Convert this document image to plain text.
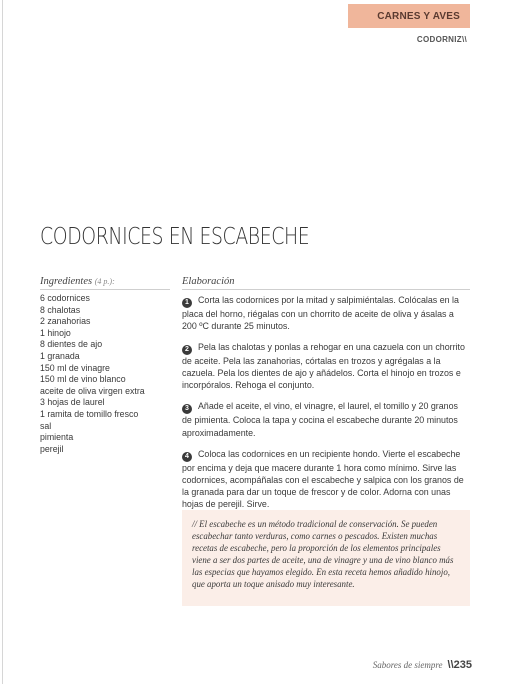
CARNES Y AVES
CODORNIZ\\
CODORNICES EN ESCABECHE
Ingredientes (4 p.):
6 codornices
8 chalotas
2 zanahorias
1 hinojo
8 dientes de ajo
1 granada
150 ml de vinagre
150 ml de vino blanco
aceite de oliva virgen extra
3 hojas de laurel
1 ramita de tomillo fresco
sal
pimienta
perejil
Elaboración

1 Corta las codornices por la mitad y salpimiéntalas. Colócalas en la placa del horno, riégalas con un chorrito de aceite de oliva y ásalas a 200 ºC durante 25 minutos.

2 Pela las chalotas y ponlas a rehogar en una cazuela con un chorrito de aceite. Pela las zanahorias, córtalas en trozos y agrégalas a la cazuela. Pela los dientes de ajo y añádelos. Corta el hinojo en trozos e incorpóralos. Rehoga el conjunto.

3 Añade el aceite, el vino, el vinagre, el laurel, el tomillo y 20 granos de pimienta. Coloca la tapa y cocina el escabeche durante 20 minutos aproximadamente.

4 Coloca las codornices en un recipiente hondo. Vierte el escabeche por encima y deja que macere durante 1 hora como mínimo. Sirve las codornices, acompáñalas con el escabeche y salpica con los granos de la granada para dar un toque de frescor y de color. Adorna con unas hojas de perejil. Sirve.

// El escabeche es un método tradicional de conservación. Se pueden escabechar tanto verduras, como carnes o pescados. Existen muchas recetas de escabeche, pero la proporción de los elementos principales viene a ser dos partes de aceite, una de vinagre y una de vino blanco más las especias que hayamos elegido. En esta receta hemos añadido hinojo, que aporta un toque anisado muy interesante.
Sabores de siempre \\235
